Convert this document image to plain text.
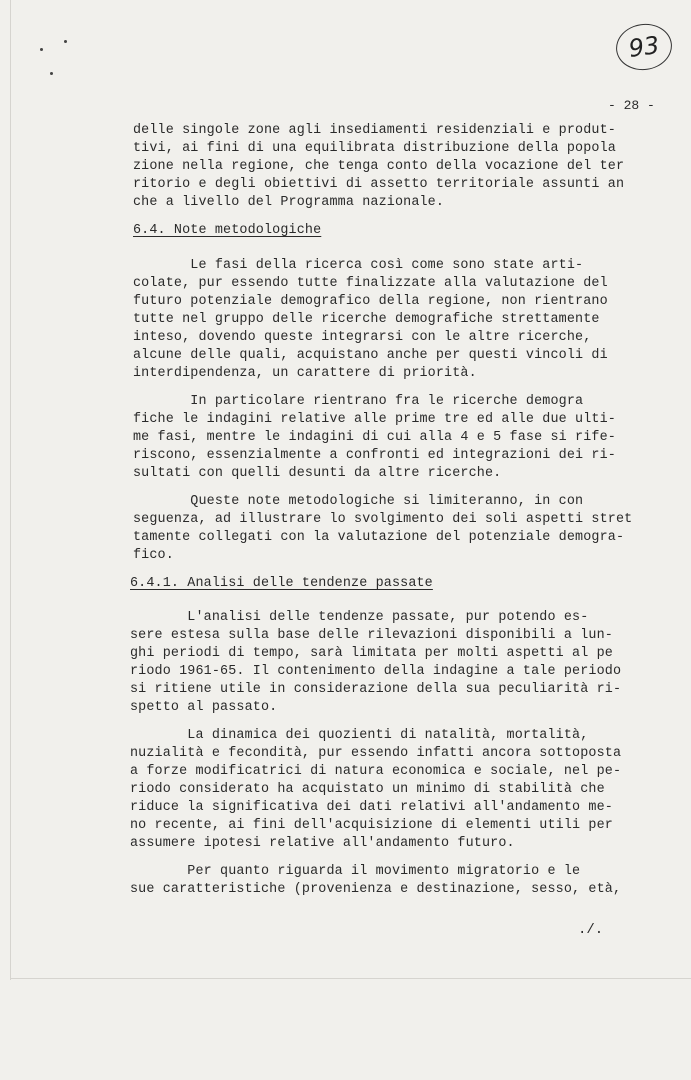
93
- 28 -
delle singole zone agli insediamenti residenziali e produt-
tivi, ai fini di una equilibrata distribuzione della popola
zione nella regione, che tenga conto della vocazione del ter
ritorio e degli obiettivi di assetto territoriale assunti an
che a livello del Programma nazionale.
6.4. Note metodologiche
Le fasi della ricerca così come sono state arti-
colate, pur essendo tutte finalizzate alla valutazione del
futuro potenziale demografico della regione, non rientrano
tutte nel gruppo delle ricerche demografiche strettamente
inteso, dovendo queste integrarsi con le altre ricerche,
alcune delle quali, acquistano anche per questi vincoli di
interdipendenza, un carattere di priorità.
In particolare rientrano fra le ricerche demogra
fiche le indagini relative alle prime tre ed alle due ulti-
me fasi, mentre le indagini di cui alla 4 e 5 fase si rife-
riscono, essenzialmente a confronti ed integrazioni dei ri-
sultati con quelli desunti da altre ricerche.
Queste note metodologiche si limiteranno, in con
seguenza, ad illustrare lo svolgimento dei soli aspetti stret
tamente collegati con la valutazione del potenziale demogra-
fico.
6.4.1. Analisi delle tendenze passate
L'analisi delle tendenze passate, pur potendo es-
sere estesa sulla base delle rilevazioni disponibili a lun-
ghi periodi di tempo, sarà limitata per molti aspetti al pe
riodo 1961-65. Il contenimento della indagine a tale periodo
si ritiene utile in considerazione della sua peculiarità ri-
spetto al passato.
La dinamica dei quozienti di natalità, mortalità,
nuzialità e fecondità, pur essendo infatti ancora sottoposta
a forze modificatrici di natura economica e sociale, nel pe-
riodo considerato ha acquistato un minimo di stabilità che
riduce la significativa dei dati relativi all'andamento me-
no recente, ai fini dell'acquisizione di elementi utili per
assumere ipotesi relative all'andamento futuro.
Per quanto riguarda il movimento migratorio e le
sue caratteristiche (provenienza e destinazione, sesso, età,
./.
